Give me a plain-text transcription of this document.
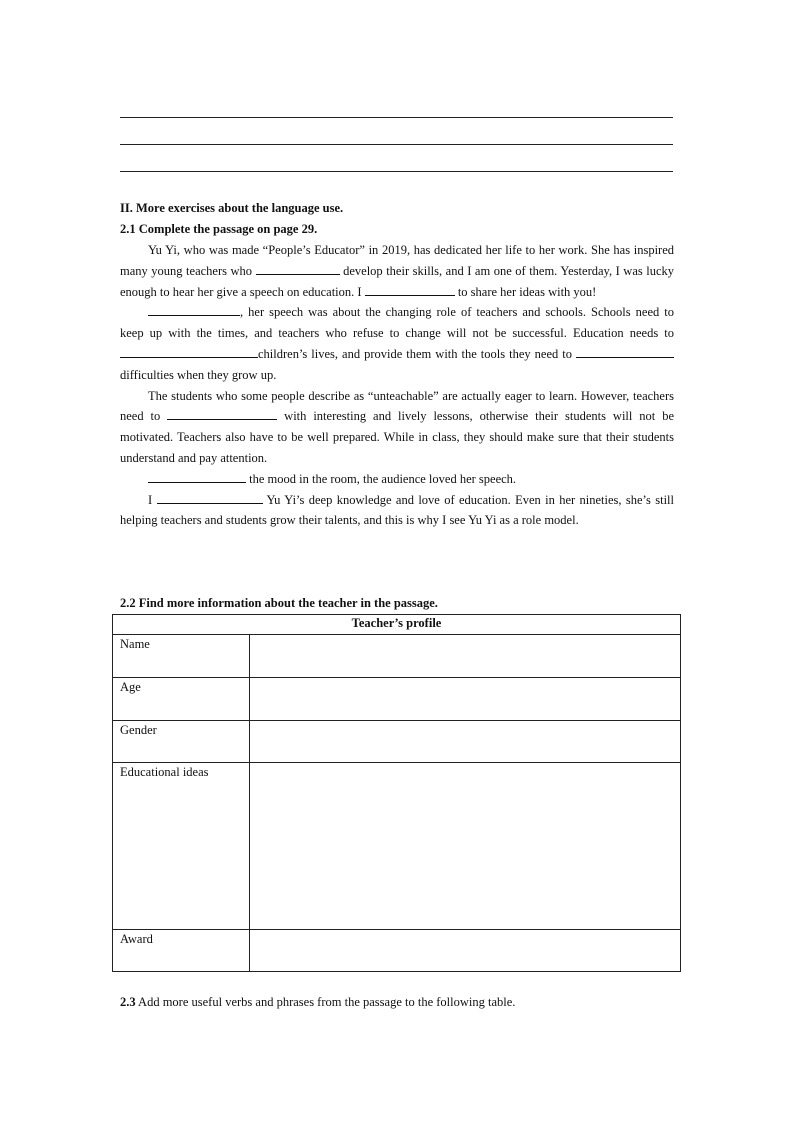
II. More exercises about the language use.
2.1 Complete the passage on page 29.

Yu Yi, who was made “People’s Educator” in 2019, has dedicated her life to her work. She has inspired many young teachers who	develop their skills, and I am one of them. Yesterday, I was lucky enough to hear her give a speech on education. I	to share her ideas with you!

, her speech was about the changing role of teachers and schools. Schools need to keep up with the times, and teachers who refuse to change will not be successful. Education needs tochildren’s lives, and provide them with the tools they need to  difficulties when they grow up.

The students who some people describe as “unteachable” are actually eager to learn. However, teachers need to	with interesting and lively lessons, otherwise their students will not be motivated. Teachers also have to be well prepared. While in class, they should make sure that their students understand and pay attention.

the mood in the room, the audience loved her speech.

I	Yu Yi’s deep knowledge and love of education. Even in her nineties, she’s still helping teachers and students grow their talents, and this is why I see Yu Yi as a role model.

2.2 Find more information about the teacher in the passage.
Teacher’s profile	
Name	
Age	
Gender	
Educational ideas	
Award	
2.3 Add more useful verbs and phrases from the passage to the following table.
